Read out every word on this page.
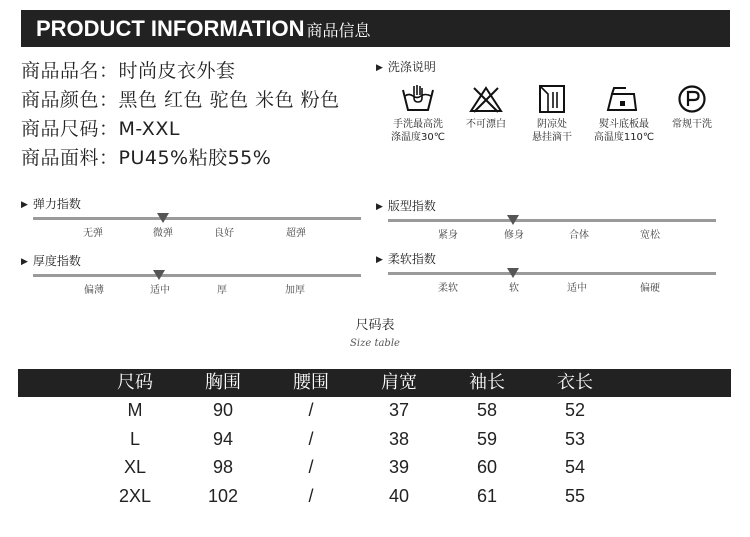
PRODUCT INFORMATION 商品信息
商品品名：时尚皮衣外套
商品颜色：黑色 红色 驼色 米色 粉色
商品尺码：M-XXL
商品面料：PU45%粘胶55%
▶ 洗涤说明
手洗最高洗
涤温度30℃
不可漂白	阴凉处
悬挂滴干
熨斗底板最
高温度110℃
常规干洗
▶ 弹力指数
无弹	微弹	良好	超弹
▶ 厚度指数
偏薄	适中	厚	加厚
▶ 版型指数
紧身	修身	合体	宽松
▶ 柔软指数
柔软	软	适中	偏硬
尺码表
Size table
尺码	胸围	腰围	肩宽	袖长	衣长
M	90	/	37	58	52
L	94	/	38	59	53
XL	98	/	39	60	54
2XL	102	/	40	61	55
